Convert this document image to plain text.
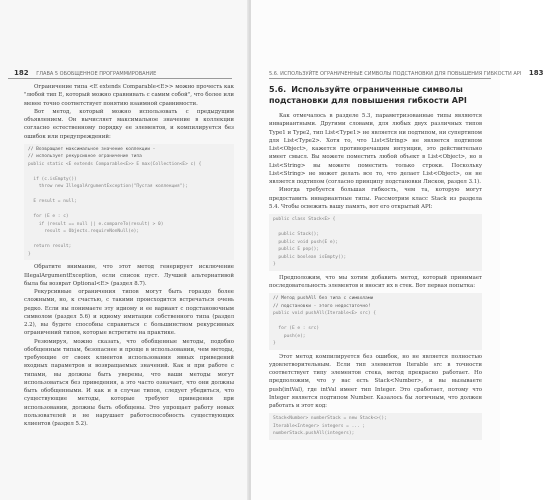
182 ГЛАВА 5 ОБОБЩЕННОЕ ПРОГРАММИРОВАНИЕ

Ограничение типа <E extends Comparable<E>> можно прочесть как "любой тип E, который можно сравнивать с самим собой", что более или менее точно соответствует понятию взаимной сравнимости.

Вот метод, который можно использовать с предыдущим объявлением. Он вычисляет максимальное значение в коллекции согласно естественному порядку ее элементов, и компилируется без ошибок или предупреждений:

// Возвращает максимальное значение коллекции -
// использует рекурсивное ограничение типа
public static <E extends Comparable<E>> E max(Collection<E> c) {

if (c.isEmpty())
throw new IllegalArgumentException("Пустая коллекция");

E result = null;

for (E e : c)
if (result == null || e.compareTo(result) > 0)
result = Objects.requireNonNull(e);

return result;
}

Обратите внимание, что этот метод генерирует исключение IllegalArgumentException, если список пуст. Лучшей альтернативой была бы возврат Optional<E> (раздел 8.7).

Рекурсивные ограничения типов могут быть гораздо более сложными, но, к счастью, с такими происходится встречаться очень редко. Если вы понимаете эту идиому и ее вариант с подстановочным символом (раздел 5.6) и идиому имитации собственного типа (раздел 2.2), вы будете способны справиться с большинством рекурсивных ограничений типов, которые встретите на практике.

Резюмируя, можно сказать, что обобщенные методы, подобно обобщенным типам, безопаснее и проще в использовании, чем методы, требующие от своих клиентов использования явных приведений входных параметров и возвращаемых значений. Как и при работе с типами, вы должны быть уверены, что ваши методы могут использоваться без приведения, а это часто означает, что они должны быть обобщенными. И как и в случае типов, следует убедиться, что существующие методы, которые требуют приведения при использовании, должны быть обобщены. Это упрощает работу новых пользователей и не нарушает работоспособность существующих клиентов (раздел 5.2).

5.6. ИСПОЛЬЗУЙТЕ ОГРАНИЧЕННЫЕ СИМВОЛЫ ПОДСТАНОВКИ ДЛЯ ПОВЫШЕНИЯ ГИБКОСТИ API 183
5.6. Используйте ограниченные символы подстановки для повышения гибкости API

Как отмечалось в разделе 5.3, параметризованные типы являются инвариантными. Другими словами, для любых двух различных типов Type1 и Type2, тип List<Type1> не является ни подтипом, ни супертипом для List<Type2>. Хотя то, что List<String> не является подтипом List<Object>, кажется противоречащим интуиции, это действительно имеет смысл. Вы можете поместить любой объект в List<Object>, но в List<String> вы можете поместить только строки. Поскольку List<String> не может делать все то, что делает List<Object>, он не является подтипом (согласно принципу подстановки Лисков, раздел 3.1).

Иногда требуется большая гибкость, чем та, которую могут предоставить инвариантные типы. Рассмотрим класс Stack из раздела 5.4. Чтобы освежить вашу память, вот его открытый API:

public class Stack<E> {

public Stack();
public void push(E e);
public E pop();
public boolean isEmpty();
}

Предположим, что мы хотим добавить метод, который принимает последовательность элементов и вносит их в стек. Вот первая попытка:

// Метод pushAll без типа с символами
// подстановки - этого недостаточно!
public void pushAll(Iterable<E> src) {

for (E e : src)
push(e);
}

Этот метод компилируется без ошибок, но не является полностью удовлетворительным. Если тип элементов Iterable src в точности соответствует типу элементов стека, метод прекрасно работает. Но предположим, что у вас есть Stack<Number>, и вы вызываете push(intVal), где intVal имеет тип Integer. Это сработает, потому что Integer является подтипом Number. Казалось бы логичным, что должен работать и этот код:

Stack<Number> numberStack = new Stack<>();
Iterable<Integer> integers = ... ;
numberStack.pushAll(integers);
